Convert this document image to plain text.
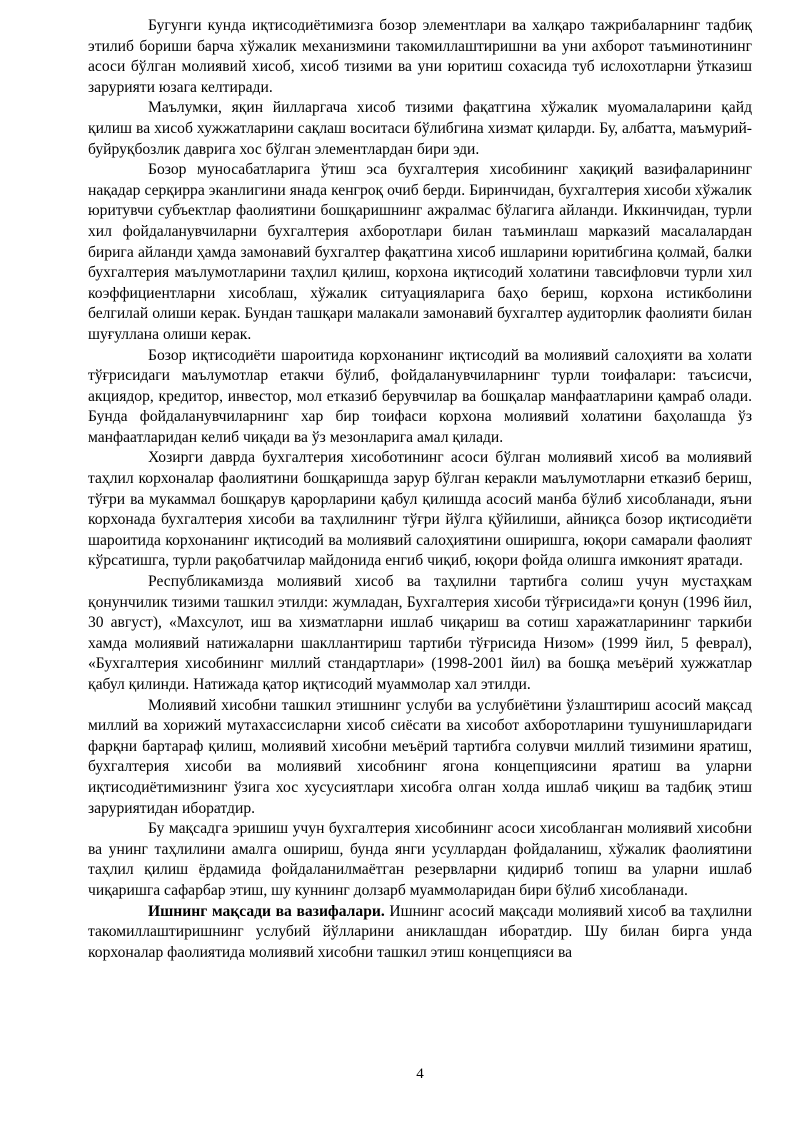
Бугунги кунда иқтисодиётимизга бозор элементлари ва халқаро тажрибаларнинг тадбиқ этилиб бориши барча хўжалик механизмини такомиллаштиришни ва уни ахборот таъминотининг асоси бўлган молиявий хисоб, хисоб тизими ва уни юритиш сохасида туб ислохотларни ўтказиш зарурияти юзага келтиради.

Маълумки, яқин йилларгача хисоб тизими фақатгина хўжалик муомалаларини қайд қилиш ва хисоб хужжатларини сақлаш воситаси бўлибгина хизмат қиларди. Бу, албатта, маъмурий-буйруқбозлик даврига хос бўлган элементлардан бири эди.

Бозор муносабатларига ўтиш эса бухгалтерия хисобининг хақиқий вазифаларининг нақадар серқирра эканлигини янада кенгроқ очиб берди. Биринчидан, бухгалтерия хисоби хўжалик юритувчи субъектлар фаолиятини бошқаришнинг ажралмас бўлагига айланди. Иккинчидан, турли хил фойдаланувчиларни бухгалтерия ахборотлари билан таъминлаш марказий масалалардан бирига айланди ҳамда замонавий бухгалтер фақатгина хисоб ишларини юритибгина қолмай, балки бухгалтерия маълумотларини таҳлил қилиш, корхона иқтисодий холатини тавсифловчи турли хил коэффициентларни хисоблаш, хўжалик ситуацияларига баҳо бериш, корхона истикболини белгилай олиши керак. Бундан ташқари малакали замонавий бухгалтер аудиторлик фаолияти билан шуғуллана олиши керак.

Бозор иқтисодиёти шароитида корхонанинг иқтисодий ва молиявий салоҳияти ва холати тўғрисидаги маълумотлар етакчи бўлиб, фойдаланувчиларнинг турли тоифалари: таъсисчи, акциядор, кредитор, инвестор, мол етказиб берувчилар ва бошқалар манфаатларини қамраб олади. Бунда фойдаланувчиларнинг хар бир тоифаси корхона молиявий холатини баҳолашда ўз манфаатларидан келиб чиқади ва ўз мезонларига амал қилади.

Хозирги даврда бухгалтерия хисоботининг асоси бўлган молиявий хисоб ва молиявий таҳлил корхоналар фаолиятини бошқаришда зарур бўлган керакли маълумотларни етказиб бериш, тўғри ва мукаммал бошқарув қарорларини қабул қилишда асосий манба бўлиб хисобланади, яъни корхонада бухгалтерия хисоби ва таҳлилнинг тўғри йўлга қўйилиши, айниқса бозор иқтисодиёти шароитида корхонанинг иқтисодий ва молиявий салоҳиятини оширишга, юқори самарали фаолият кўрсатишга, турли рақобатчилар майдонида енгиб чиқиб, юқори фойда олишга имконият яратади.

Республикамизда молиявий хисоб ва таҳлилни тартибга солиш учун мустаҳкам қонунчилик тизими ташкил этилди: жумладан, Бухгалтерия хисоби тўғрисида»ги қонун (1996 йил, 30 август), «Махсулот, иш ва хизматларни ишлаб чиқариш ва сотиш харажатларининг таркиби хамда молиявий натижаларни шакллантириш тартиби тўғрисида Низом» (1999 йил, 5 феврал), «Бухгалтерия хисобининг миллий стандартлари» (1998-2001 йил) ва бошқа меъёрий хужжатлар қабул қилинди. Натижада қатор иқтисодий муаммолар хал этилди.

Молиявий хисобни ташкил этишнинг услуби ва услубиётини ўзлаштириш асосий мақсад миллий ва хорижий мутахассисларни хисоб сиёсати ва хисобот ахборотларини тушунишларидаги фарқни бартараф қилиш, молиявий хисобни меъёрий тартибга солувчи миллий тизимини яратиш, бухгалтерия хисоби ва молиявий хисобнинг ягона концепциясини яратиш ва уларни иқтисодиётимизнинг ўзига хос хусусиятлари хисобга олган холда ишлаб чиқиш ва тадбиқ этиш заруриятидан иборатдир.

Бу мақсадга эришиш учун бухгалтерия хисобининг асоси хисобланган молиявий хисобни ва унинг таҳлилини амалга ошириш, бунда янги усуллардан фойдаланиш, хўжалик фаолиятини таҳлил қилиш ёрдамида фойдаланилмаётган резервларни қидириб топиш ва уларни ишлаб чиқаришга сафарбар этиш, шу куннинг долзарб муаммоларидан бири бўлиб хисобланади.

Ишнинг мақсади ва вазифалари. Ишнинг асосий мақсади молиявий хисоб ва таҳлилни такомиллаштиришнинг услубий йўлларини аниклашдан иборатдир. Шу билан бирга унда корхоналар фаолиятида молиявий хисобни ташкил этиш концепцияси ва

4
